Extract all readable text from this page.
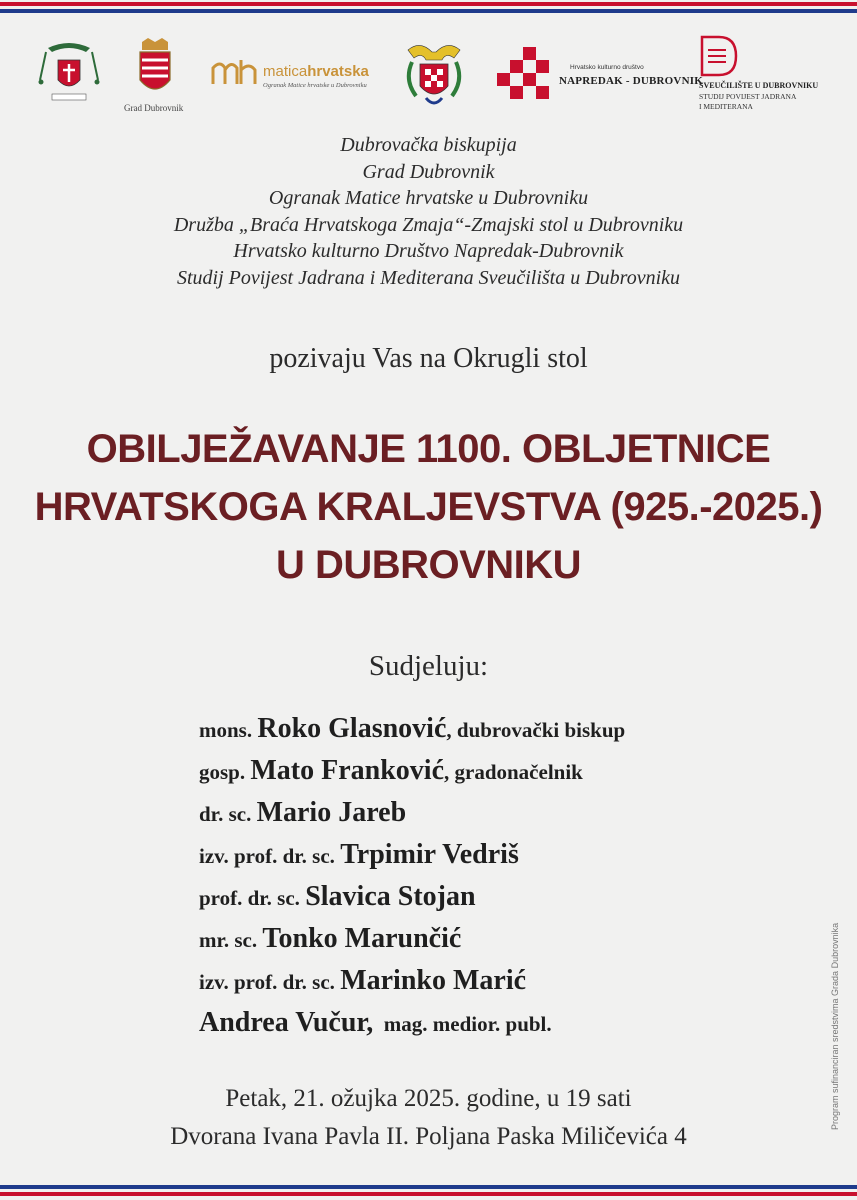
Grad Dubrovnik
maticahrvatska
Ogranak Matice hrvatske u Dubrovniku
Hrvatsko kulturno društvo
NAPREDAK - DUBROVNIK
SVEUČILIŠTE U DUBROVNIKU
STUDIJ POVIJEST JADRANA
I MEDITERANA
Dubrovačka biskupija
Grad Dubrovnik
Ogranak Matice hrvatske u Dubrovniku
Družba „Braća Hrvatskoga Zmaja“-Zmajski stol u Dubrovniku
Hrvatsko kulturno Društvo Napredak-Dubrovnik
Studij Povijest Jadrana i Mediterana Sveučilišta u Dubrovniku
pozivaju Vas na Okrugli stol
OBILJEŽAVANJE 1100. OBLJETNICE
HRVATSKOGA KRALJEVSTVA (925.-2025.)
U DUBROVNIKU
Sudjeluju:
mons. Roko Glasnović, dubrovački biskup
gosp. Mato Franković, gradonačelnik
dr. sc. Mario Jareb
izv. prof. dr. sc. Trpimir Vedriš
prof. dr. sc. Slavica Stojan
mr. sc. Tonko Marunčić
izv. prof. dr. sc. Marinko Marić
Andrea Vučur,  mag. medior. publ.
Petak, 21. ožujka 2025. godine, u 19 sati
Dvorana Ivana Pavla II. Poljana Paska Miličevića 4
Program sufinanciran sredstvima Grada Dubrovnika
